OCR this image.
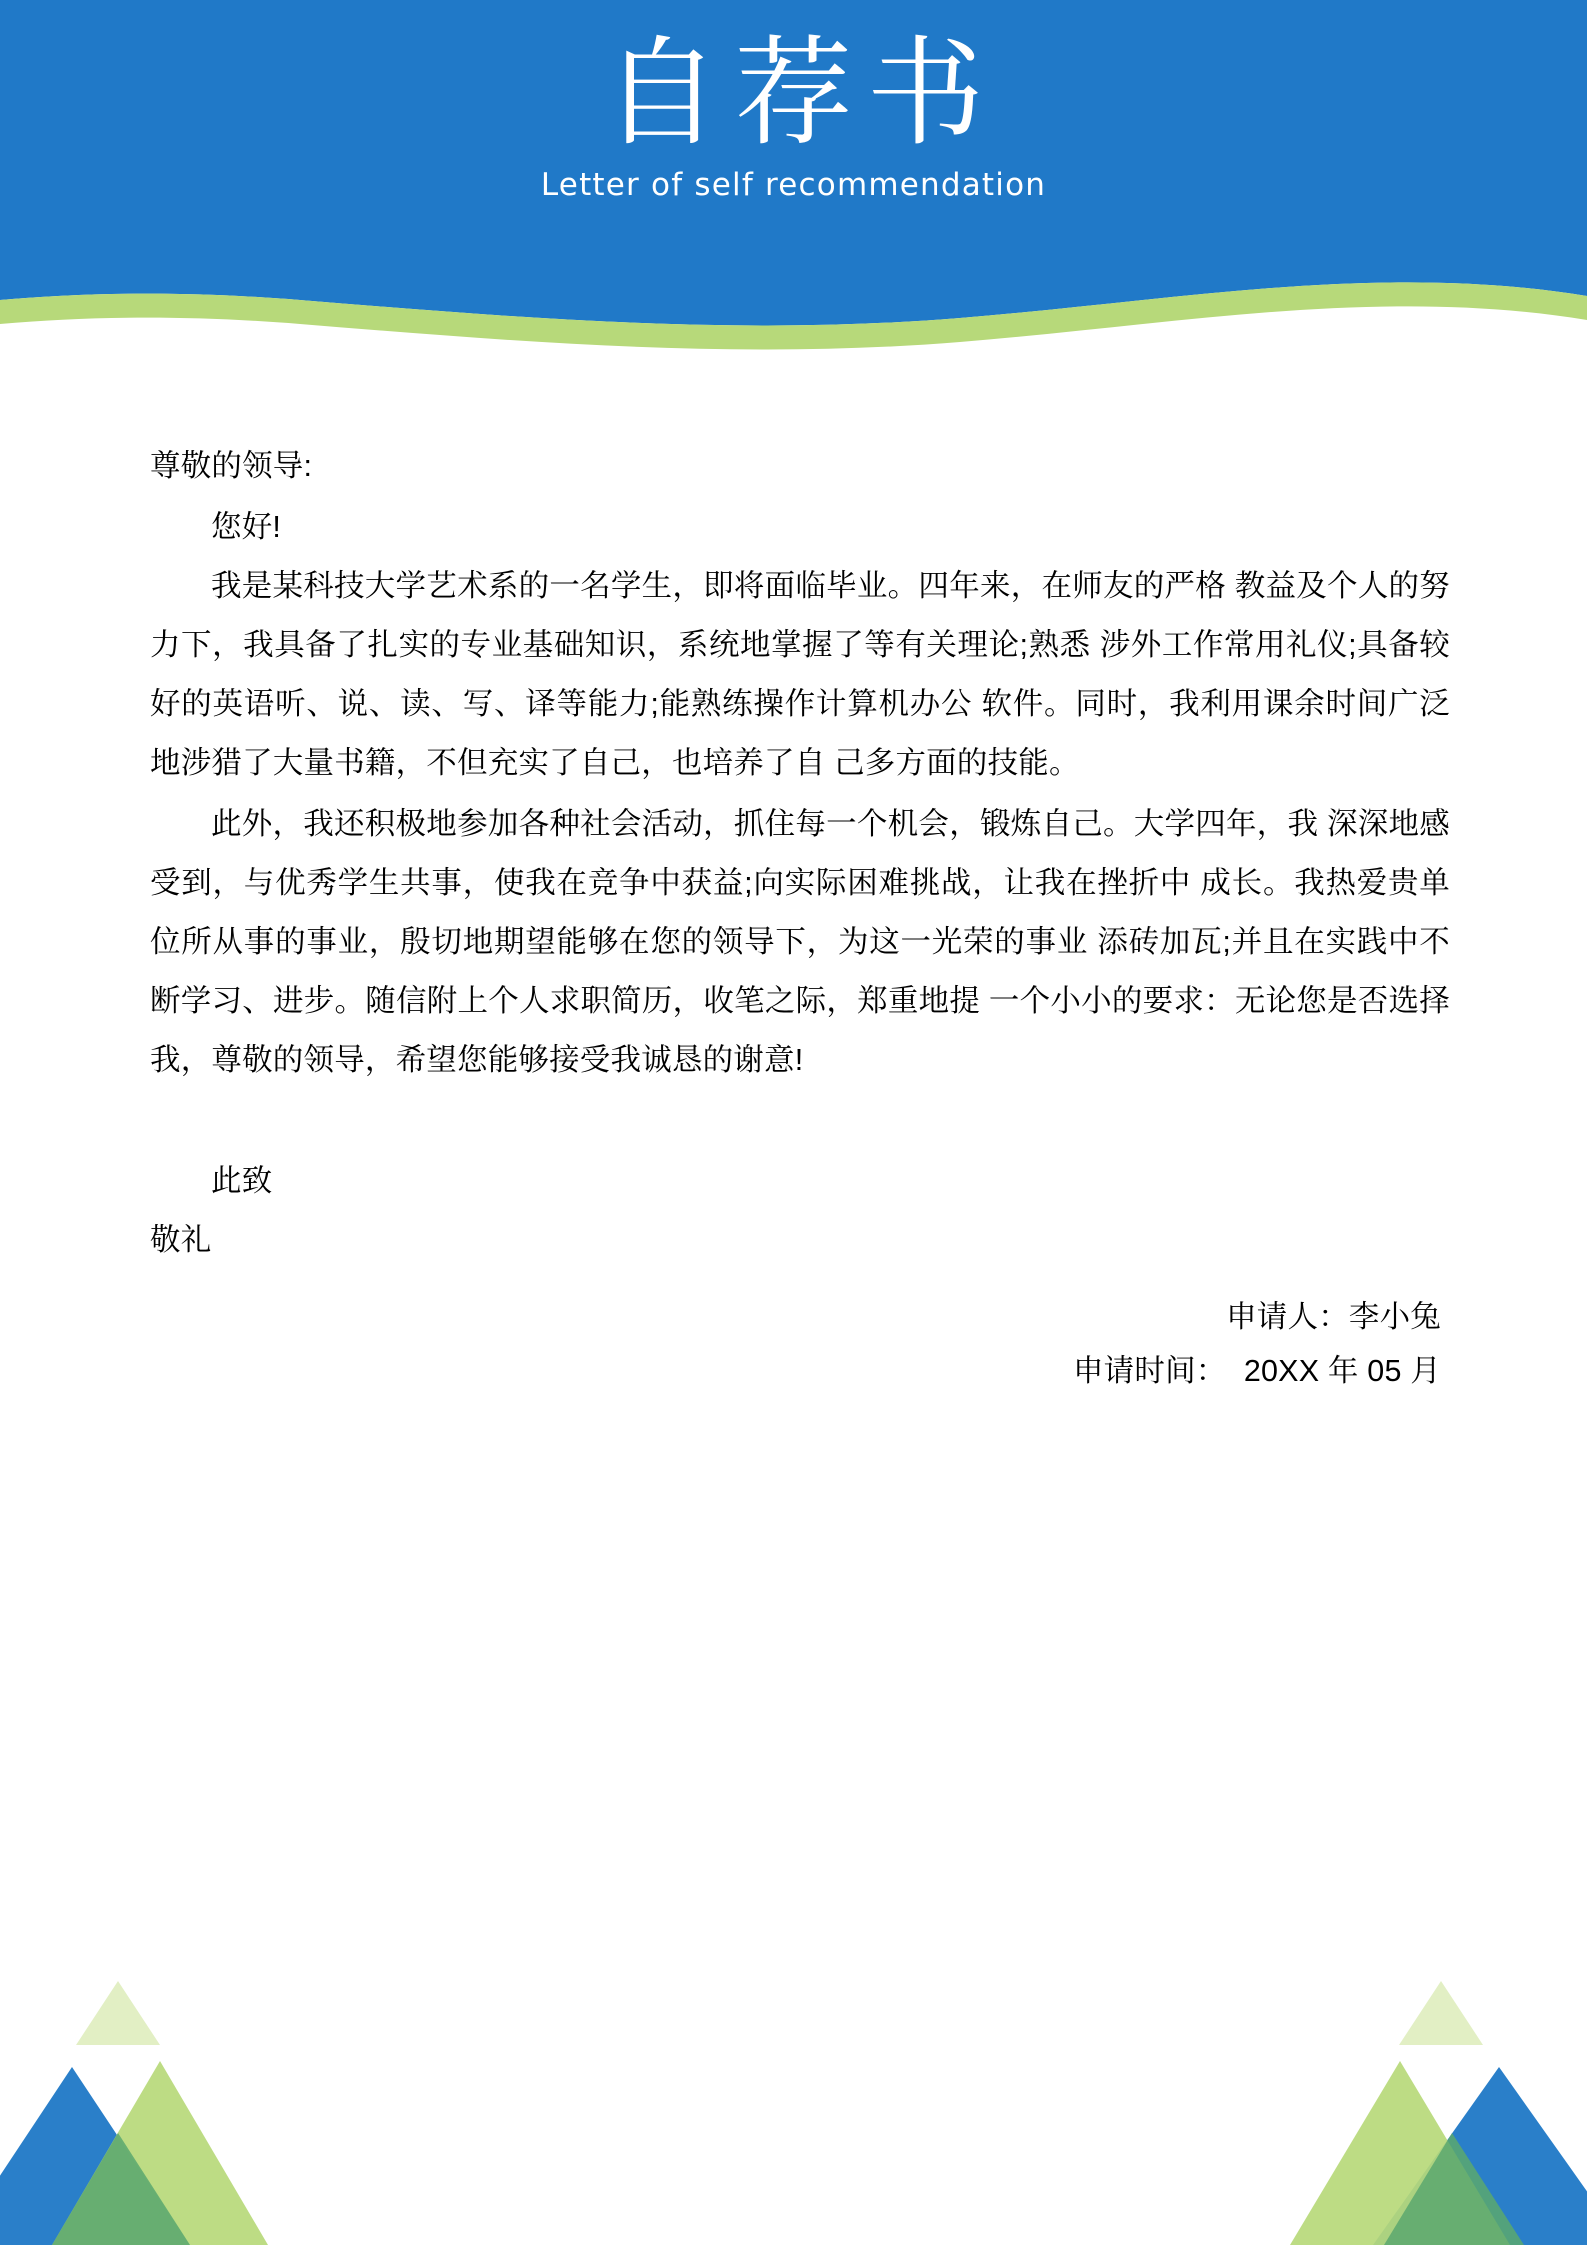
自荐书

Letter of self recommendation

尊敬的领导:

您好!

我是某科技大学艺术系的一名学生，即将面临毕业。四年来，在师友的严格 教益及个人的努力下，我具备了扎实的专业基础知识，系统地掌握了等有关理论;熟悉 涉外工作常用礼仪;具备较好的英语听、说、读、写、译等能力;能熟练操作计算机办公 软件。同时，我利用课余时间广泛地涉猎了大量书籍，不但充实了自己，也培养了自 己多方面的技能。

此外，我还积极地参加各种社会活动，抓住每一个机会，锻炼自己。大学四年，我 深深地感受到，与优秀学生共事，使我在竞争中获益;向实际困难挑战，让我在挫折中 成长。我热爱贵单位所从事的事业，殷切地期望能够在您的领导下，为这一光荣的事业 添砖加瓦;并且在实践中不断学习、进步。随信附上个人求职简历，收笔之际，郑重地提 一个小小的要求：无论您是否选择我，尊敬的领导，希望您能够接受我诚恳的谢意!

此致

敬礼

申请人：李小兔

申请时间：  20XX 年 05 月
